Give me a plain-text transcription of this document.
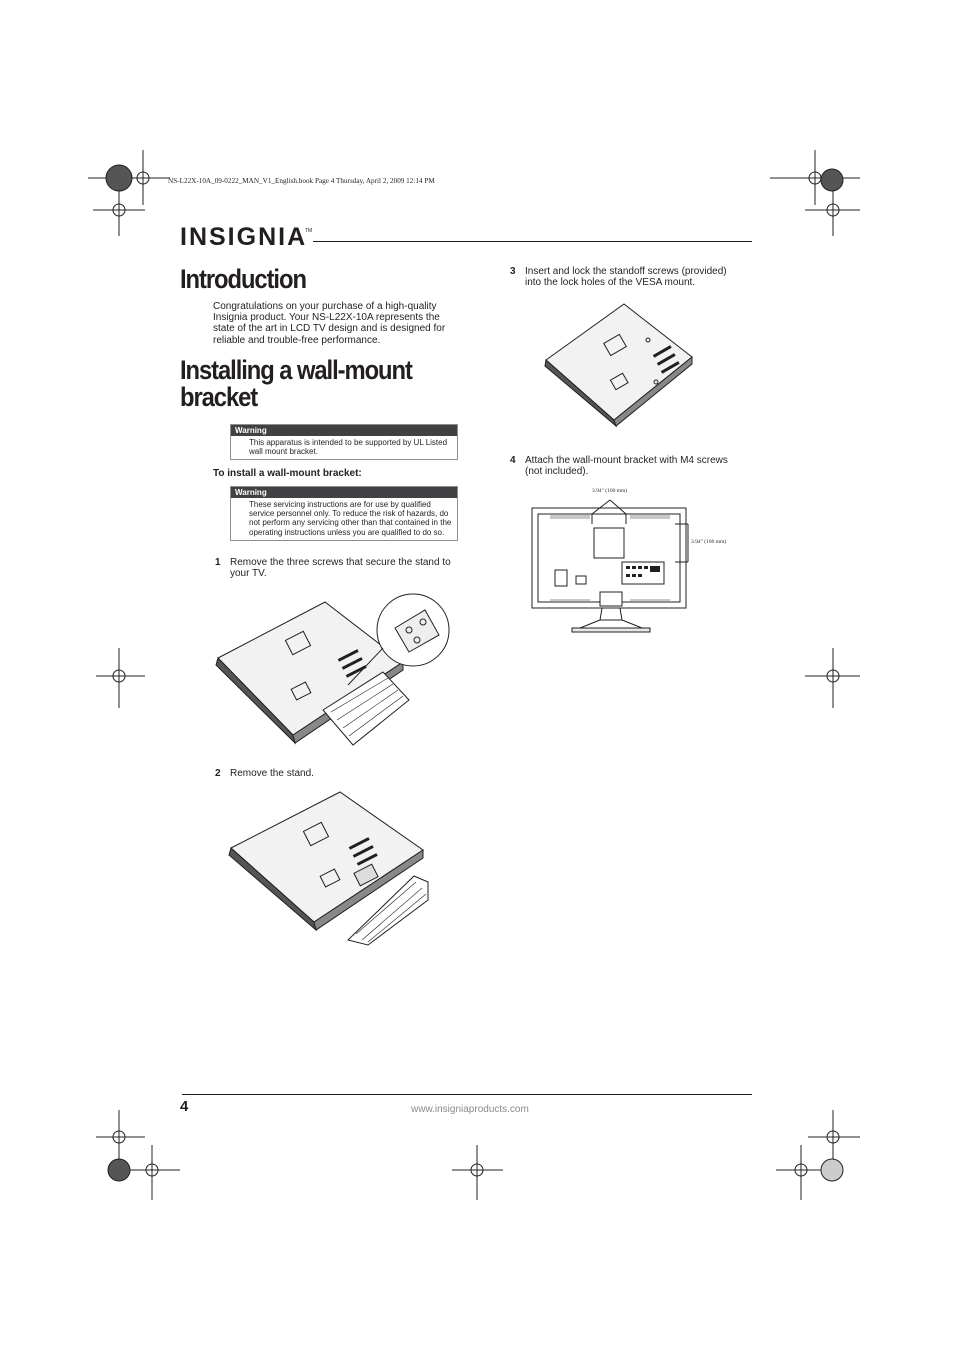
NS-L22X-10A_09-0222_MAN_V1_English.book Page 4 Thursday, April 2, 2009 12:14 PM
INSIGNIA
TM
Introduction
Congratulations on your purchase of a high-quality Insignia product. Your NS-L22X-10A represents the state of the art in LCD TV design and is designed for reliable and trouble-free performance.
Installing a wall-mount
bracket
Warning
This apparatus is intended to be supported by UL Listed wall mount bracket.
To install a wall-mount bracket:
Warning
These servicing instructions are for use by qualified service personnel only. To reduce the risk of hazards, do not perform any servicing other than that contained in the operating instructions unless you are qualified to do so.
1 Remove the three screws that secure the stand to your TV.
2 Remove the stand.
3 Insert and lock the standoff screws (provided) into the lock holes of the VESA mount.
4 Attach the wall-mount bracket with M4 screws (not included).
3.94" (100 mm)
3.94" (100 mm)
4	www.insigniaproducts.com
